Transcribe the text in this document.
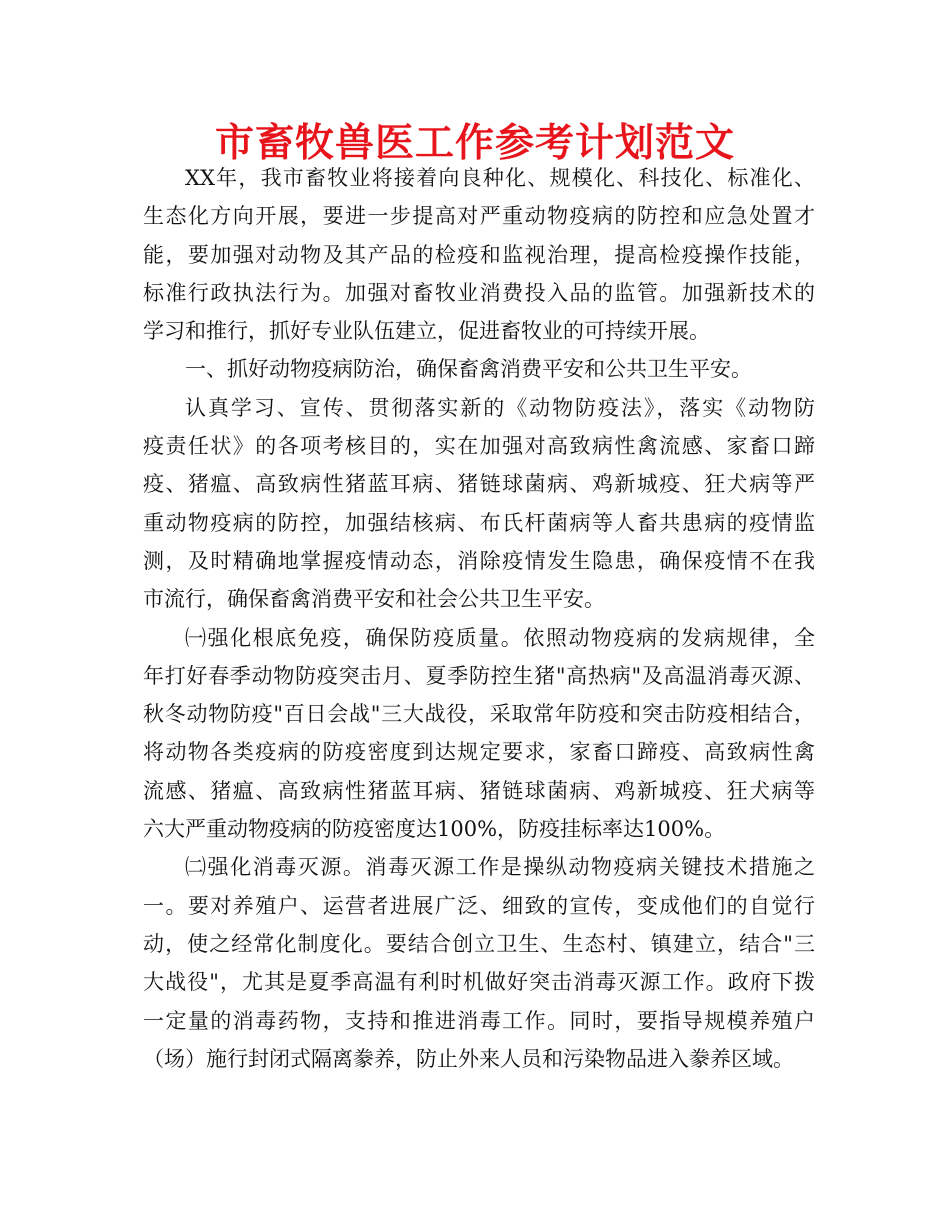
市畜牧兽医工作参考计划范文
XX年，我市畜牧业将接着向良种化、规模化、科技化、标准化、
生态化方向开展，要进一步提高对严重动物疫病的防控和应急处置才
能，要加强对动物及其产品的检疫和监视治理，提高检疫操作技能，
标准行政执法行为。加强对畜牧业消费投入品的监管。加强新技术的
学习和推行，抓好专业队伍建立，促进畜牧业的可持续开展。
一、抓好动物疫病防治，确保畜禽消费平安和公共卫生平安。
认真学习、宣传、贯彻落实新的《动物防疫法》，落实《动物防
疫责任状》的各项考核目的，实在加强对高致病性禽流感、家畜口蹄
疫、猪瘟、高致病性猪蓝耳病、猪链球菌病、鸡新城疫、狂犬病等严
重动物疫病的防控，加强结核病、布氏杆菌病等人畜共患病的疫情监
测，及时精确地掌握疫情动态，消除疫情发生隐患，确保疫情不在我
市流行，确保畜禽消费平安和社会公共卫生平安。
㈠强化根底免疫，确保防疫质量。依照动物疫病的发病规律，全
年打好春季动物防疫突击月、夏季防控生猪"高热病"及高温消毒灭源、
秋冬动物防疫"百日会战"三大战役，采取常年防疫和突击防疫相结合，
将动物各类疫病的防疫密度到达规定要求，家畜口蹄疫、高致病性禽
流感、猪瘟、高致病性猪蓝耳病、猪链球菌病、鸡新城疫、狂犬病等
六大严重动物疫病的防疫密度达100%，防疫挂标率达100%。
㈡强化消毒灭源。消毒灭源工作是操纵动物疫病关键技术措施之
一。要对养殖户、运营者进展广泛、细致的宣传，变成他们的自觉行
动，使之经常化制度化。要结合创立卫生、生态村、镇建立，结合"三
大战役"，尤其是夏季高温有利时机做好突击消毒灭源工作。政府下拨
一定量的消毒药物，支持和推进消毒工作。同时，要指导规模养殖户
（场）施行封闭式隔离豢养，防止外来人员和污染物品进入豢养区域。
